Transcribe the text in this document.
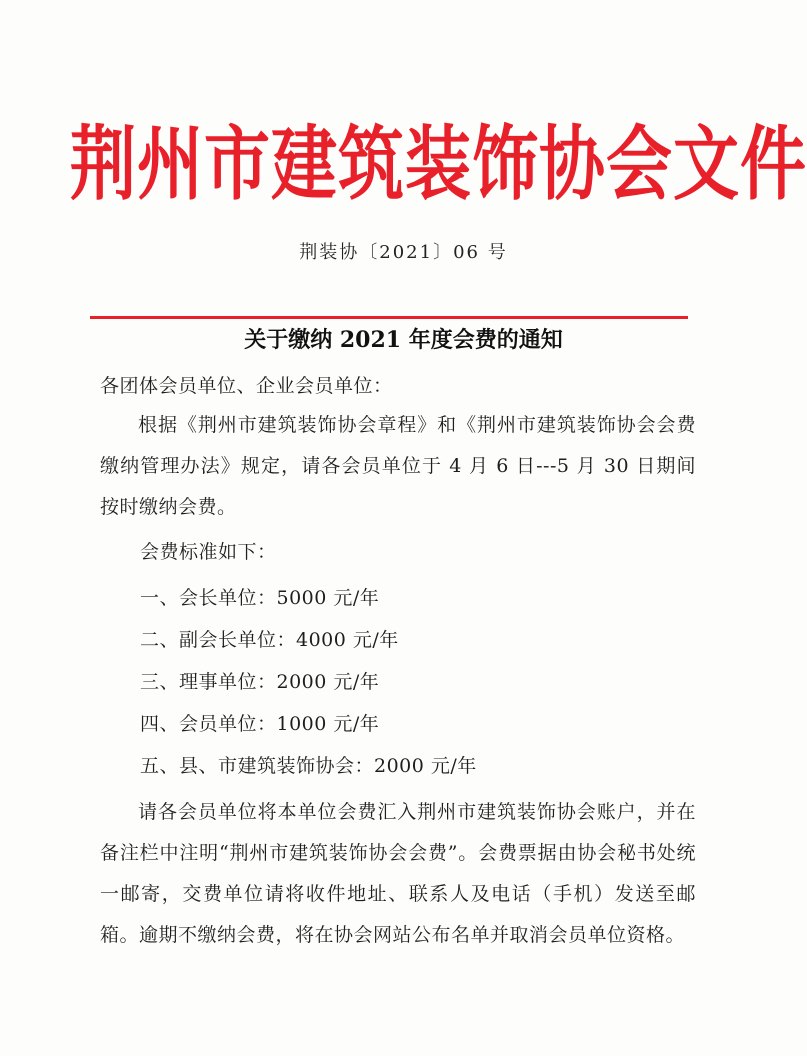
荆州市建筑装饰协会文件
荆装协〔2021〕06 号
关于缴纳 2021 年度会费的通知
各团体会员单位、企业会员单位：
根据《荆州市建筑装饰协会章程》和《荆州市建筑装饰协会会费缴纳管理办法》规定，请各会员单位于 4 月 6 日---5 月 30 日期间按时缴纳会费。
会费标准如下：
一、会长单位：5000 元/年
二、副会长单位：4000 元/年
三、理事单位：2000 元/年
四、会员单位：1000 元/年
五、县、市建筑装饰协会：2000 元/年
请各会员单位将本单位会费汇入荆州市建筑装饰协会账户，并在备注栏中注明“荆州市建筑装饰协会会费”。会费票据由协会秘书处统一邮寄，交费单位请将收件地址、联系人及电话（手机）发送至邮箱。逾期不缴纳会费，将在协会网站公布名单并取消会员单位资格。
